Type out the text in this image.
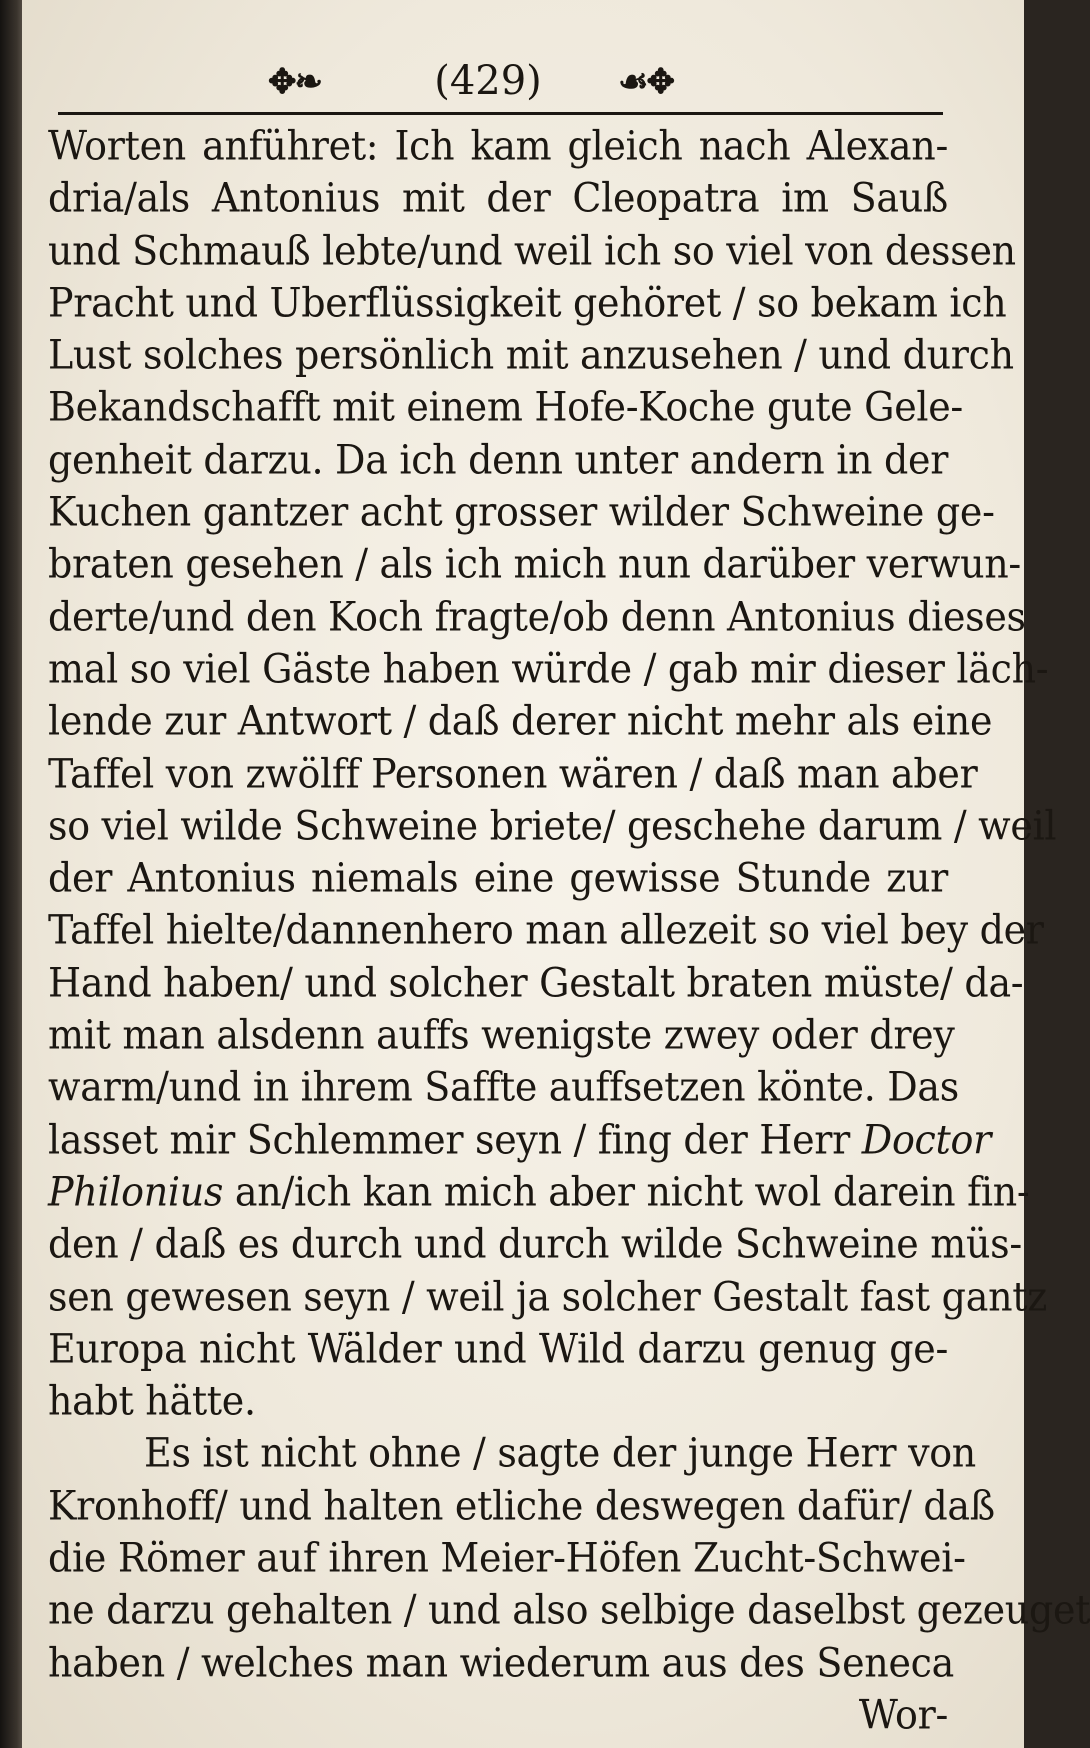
✥❧	(429)	☙✥
Worten anführet: Ich kam gleich nach Alexan-
dria/als Antonius mit der Cleopatra im Sauß
und Schmauß lebte/und weil ich so viel von dessen
Pracht und Uberflüssigkeit gehöret / so bekam ich
Lust solches persönlich mit anzusehen / und durch
Bekandschafft mit einem Hofe-Koche gute Gele-
genheit darzu. Da ich denn unter andern in der
Kuchen gantzer acht grosser wilder Schweine ge-
braten gesehen / als ich mich nun darüber verwun-
derte/und den Koch fragte/ob denn Antonius dieses
mal so viel Gäste haben würde / gab mir dieser läch-
lende zur Antwort / daß derer nicht mehr als eine
Taffel von zwölff Personen wären / daß man aber
so viel wilde Schweine briete/ geschehe darum / weil
der Antonius niemals eine gewisse Stunde zur
Taffel hielte/dannenhero man allezeit so viel bey der
Hand haben/ und solcher Gestalt braten müste/ da-
mit man alsdenn auffs wenigste zwey oder drey
warm/und in ihrem Saffte auffsetzen könte. Das
lasset mir Schlemmer seyn / fing der Herr Doctor
Philonius an/ich kan mich aber nicht wol darein fin-
den / daß es durch und durch wilde Schweine müs-
sen gewesen seyn / weil ja solcher Gestalt fast gantz
Europa nicht Wälder und Wild darzu genug ge-
habt hätte.
Es ist nicht ohne / sagte der junge Herr von
Kronhoff/ und halten etliche deswegen dafür/ daß
die Römer auf ihren Meier-Höfen Zucht-Schwei-
ne darzu gehalten / und also selbige daselbst gezeuget
haben / welches man wiederum aus des Seneca
Wor-
